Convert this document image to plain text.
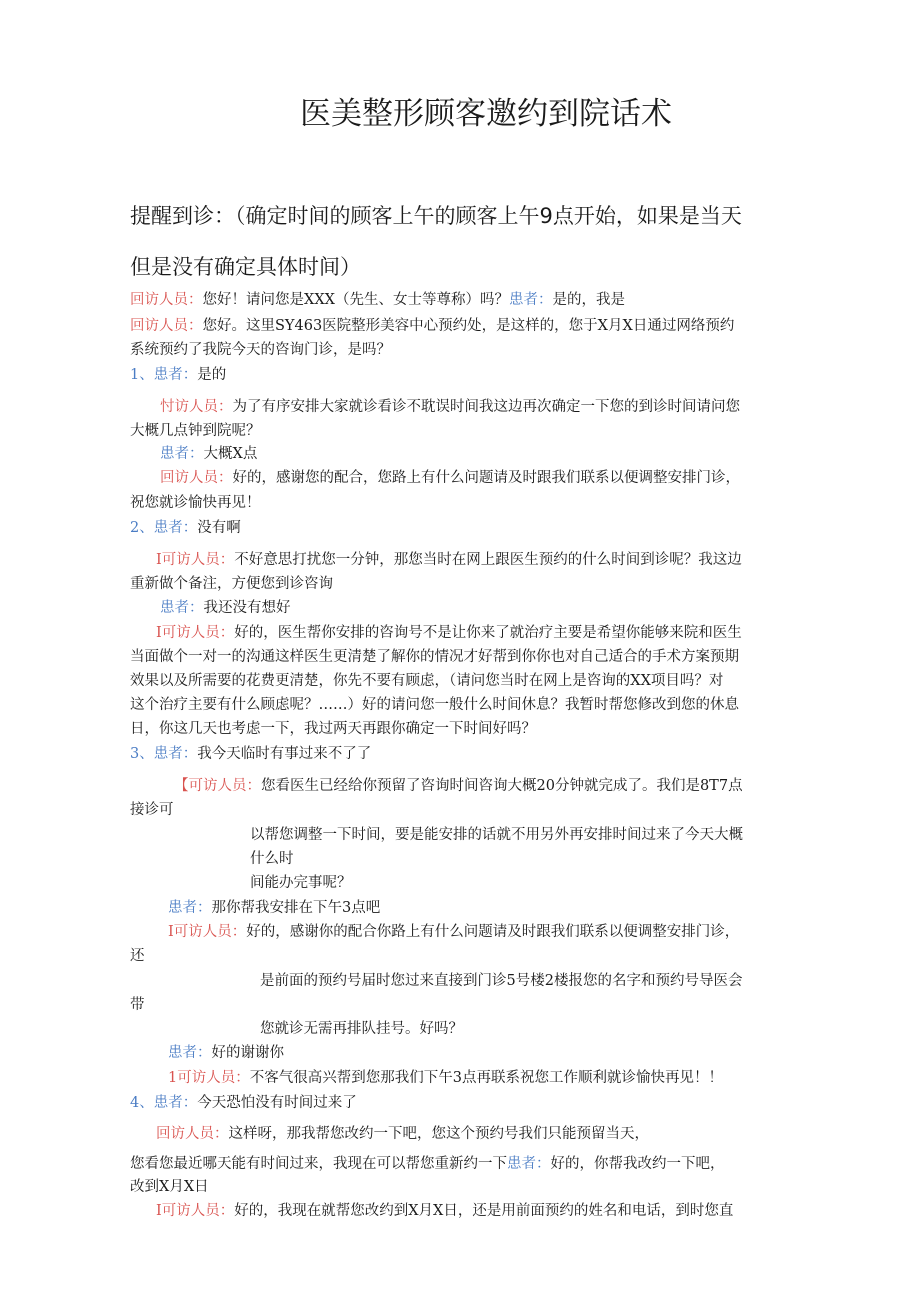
医美整形顾客邀约到院话术
提醒到诊：（确定时间的顾客上午的顾客上午9点开始，如果是当天
但是没有确定具体时间）
回访人员：您好！请问您是XXX（先生、女士等尊称）吗？患者：是的，我是
回访人员：您好。这里SY463医院整形美容中心预约处，是这样的，您于X月X日通过网络预约
系统预约了我院今天的咨询门诊，是吗？
1、患者：是的
忖访人员：为了有序安排大家就诊看诊不耽误时间我这边再次确定一下您的到诊时间请问您
大概几点钟到院呢？
患者：大概X点
回访人员：好的，感谢您的配合，您路上有什么问题请及时跟我们联系以便调整安排门诊，
祝您就诊愉快再见！
2、患者：没有啊
I可访人员：不好意思打扰您一分钟，那您当时在网上跟医生预约的什么时间到诊呢？我这边
重新做个备注，方便您到诊咨询
患者：我还没有想好
I可访人员：好的，医生帮你安排的咨询号不是让你来了就治疗主要是希望你能够来院和医生
当面做个一对一的沟通这样医生更清楚了解你的情况才好帮到你你也对自己适合的手术方案预期
效果以及所需要的花费更清楚，你先不要有顾虑，（请问您当时在网上是咨询的XX项目吗？对
这个治疗主要有什么顾虑呢？……）好的请问您一般什么时间休息？我暂时帮您修改到您的休息
日，你这几天也考虑一下，我过两天再跟你确定一下时间好吗？
3、患者：我今天临时有事过来不了了
【可访人员：您看医生已经给你预留了咨询时间咨询大概20分钟就完成了。我们是8T7点
接诊可
以帮您调整一下时间，要是能安排的话就不用另外再安排时间过来了今天大概
什么时
间能办完事呢？
患者：那你帮我安排在下午3点吧
I可访人员：好的，感谢你的配合你路上有什么问题请及时跟我们联系以便调整安排门诊，
还
是前面的预约号届时您过来直接到门诊5号楼2楼报您的名字和预约号导医会
带
您就诊无需再排队挂号。好吗？
患者：好的谢谢你
1可访人员：不客气很高兴帮到您那我们下午3点再联系祝您工作顺利就诊愉快再见！！
4、患者：今天恐怕没有时间过来了
回访人员：这样呀，那我帮您改约一下吧，您这个预约号我们只能预留当天，
您看您最近哪天能有时间过来，我现在可以帮您重新约一下患者：好的，你帮我改约一下吧，
改到X月X日
I可访人员：好的，我现在就帮您改约到X月X日，还是用前面预约的姓名和电话，到时您直
